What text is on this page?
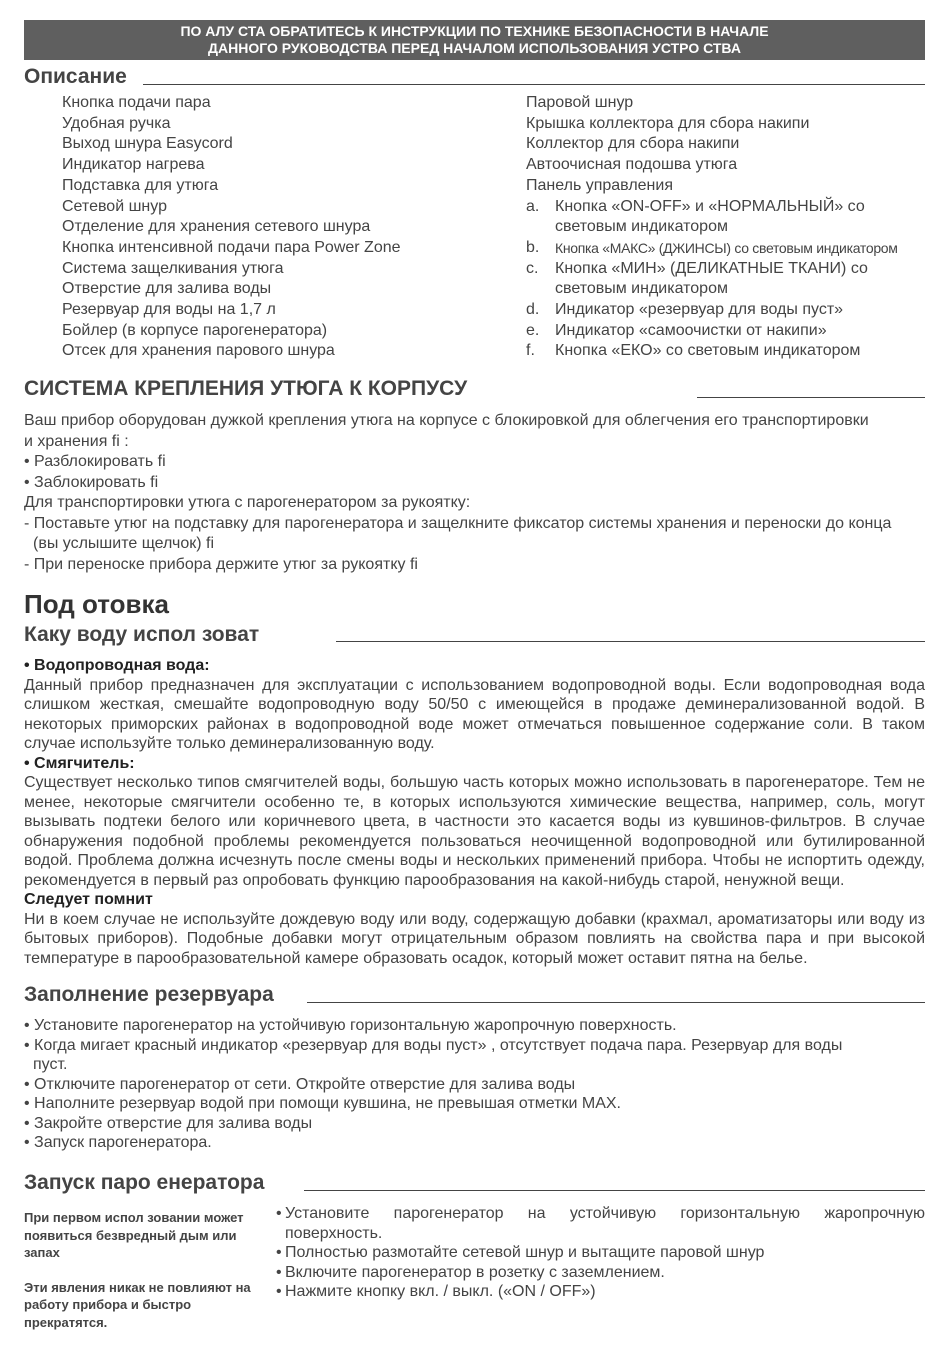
ПО АЛУ СТА ОБРАТИТЕСЬ К ИНСТРУКЦИИ ПО ТЕХНИКЕ БЕЗОПАСНОСТИ В НАЧАЛЕ
ДАННОГО РУКОВОДСТВА ПЕРЕД НАЧАЛОМ ИСПОЛЬЗОВАНИЯ УСТРО СТВА
Описание
Кнопка подачи пара
Удобная ручка
Выход шнура Easycord
Индикатор нагрева
Подставка для утюга
Сетевой шнур
Отделение для хранения сетевого шнура
Кнопка интенсивной подачи пара Power Zone
Система защелкивания утюга
Отверстие для залива воды
Резервуар для воды на 1,7 л
Бойлер (в корпусе парогенератора)
Отсек для хранения парового шнура
Паровой шнур
Крышка коллектора для сбора накипи
Коллектор для сбора накипи
Автоочисная подошва утюга
Панель управления
a. Кнопка «ON-OFF» и «НОРМАЛЬНЫЙ» со
световым индикатором
b.	Кнопка «МАКС» (ДЖИНСЫ) со световым индикатором
c.	Кнопка «МИН» (ДЕЛИКАТНЫЕ ТКАНИ) со
световым индикатором
d. Индикатор «резервуар для воды пуст»
e. Индикатор «самоочистки от накипи»
f.	Кнопка «ЕКО» со световым индикатором
СИСТЕМА КРЕПЛЕНИЯ УТЮГА К КОРПУСУ
Ваш прибор оборудован дужкой крепления утюга на корпусе с блокировкой для облегчения его транспортировки
и хранения fi :
• Разблокировать fi
• Заблокировать fi
Для транспортировки утюга с парогенератором за рукоятку:
- Поставьте утюг на подставку для парогенератора и защелкните фиксатор системы хранения и переноски до конца
(вы услышите щелчок) fi
- При переноске прибора держите утюг за рукоятку fi
Под отовка
Каку воду испол зоват
• Водопроводная вода:
Данный прибор предназначен для эксплуатации с использованием водопроводной воды. Если водопроводная вода слишком жесткая, смешайте водопроводную воду 50/50 с имеющейся в продаже деминерализованной водой. В некоторых приморских районах в водопроводной воде может отмечаться повышенное содержание соли. В таком случае используйте только деминерализованную воду.
• Смягчитель:
Существует несколько типов смягчителей воды, большую часть которых можно использовать в парогенераторе. Тем не менее, некоторые смягчители особенно те, в которых используются химические вещества, например, соль, могут вызывать подтеки белого или коричневого цвета, в частности это касается воды из кувшинов-фильтров. В случае обнаружения подобной проблемы рекомендуется пользоваться неочищенной водопроводной или бутилированной водой. Проблема должна исчезнуть после смены воды и нескольких применений прибора. Чтобы не испортить одежду, рекомендуется в первый раз опробовать функцию парообразования на какой-нибудь старой, ненужной вещи.
Следует помнит
Ни в коем случае не используйте дождевую воду или воду, содержащую добавки (крахмал, ароматизаторы или воду из бытовых приборов). Подобные добавки могут отрицательным образом повлиять на свойства пара и при высокой температуре в парообразовательной камере образовать осадок, который может оставит пятна на белье.
Заполнение резервуара
• Установите парогенератор на устойчивую горизонтальную жаропрочную поверхность.
• Когда мигает красный индикатор «резервуар для воды пуст» , отсутствует подача пара. Резервуар для воды
пуст.
• Отключите парогенератор от сети. Откройте отверстие для залива воды
• Наполните резервуар водой при помощи кувшина, не превышая отметки MAX.
• Закройте отверстие для залива воды
• Запуск парогенератора.
Запуск паро енератора
При первом испол зовании может появиться безвредный дым или запах
Эти явления никак не повлияют на работу прибора и быстро прекратятся.
• Установите парогенератор на устойчивую горизонтальную жаропрочную поверхность.
• Полностью размотайте сетевой шнур и вытащите паровой шнур
• Включите парогенератор в розетку с заземлением.
• Нажмите кнопку вкл. / выкл. («ON / OFF»)
